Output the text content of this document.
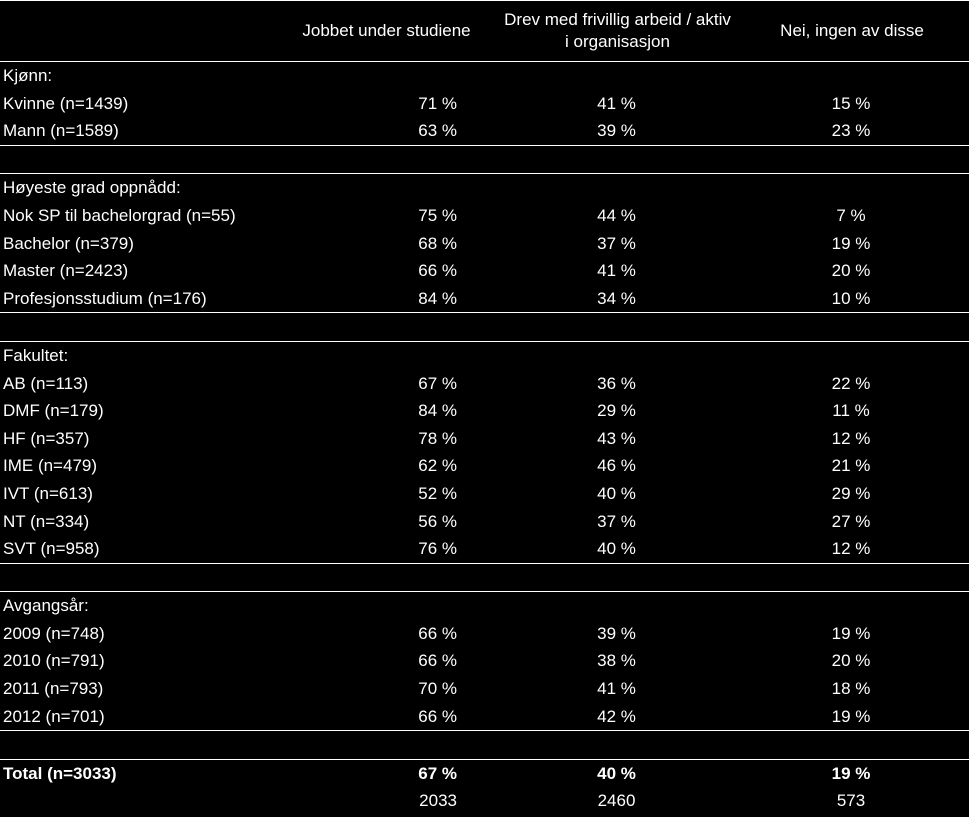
	Jobbet under studiene	Drev med frivillig arbeid / aktiv i organisasjon	Nei, ingen av disse
Kjønn:			
Kvinne (n=1439)	71 %	41 %	15 %
Mann (n=1589)	63 %	39 %	23 %

Høyeste grad oppnådd:			
Nok SP til bachelorgrad (n=55)	75 %	44 %	7 %
Bachelor (n=379)	68 %	37 %	19 %
Master (n=2423)	66 %	41 %	20 %
Profesjonsstudium (n=176)	84 %	34 %	10 %

Fakultet:			
AB (n=113)	67 %	36 %	22 %
DMF (n=179)	84 %	29 %	11 %
HF (n=357)	78 %	43 %	12 %
IME (n=479)	62 %	46 %	21 %
IVT (n=613)	52 %	40 %	29 %
NT (n=334)	56 %	37 %	27 %
SVT (n=958)	76 %	40 %	12 %

Avgangsår:			
2009 (n=748)	66 %	39 %	19 %
2010 (n=791)	66 %	38 %	20 %
2011 (n=793)	70 %	41 %	18 %
2012 (n=701)	66 %	42 %	19 %

Total (n=3033)	67 %	40 %	19 %
	2033	2460	573
